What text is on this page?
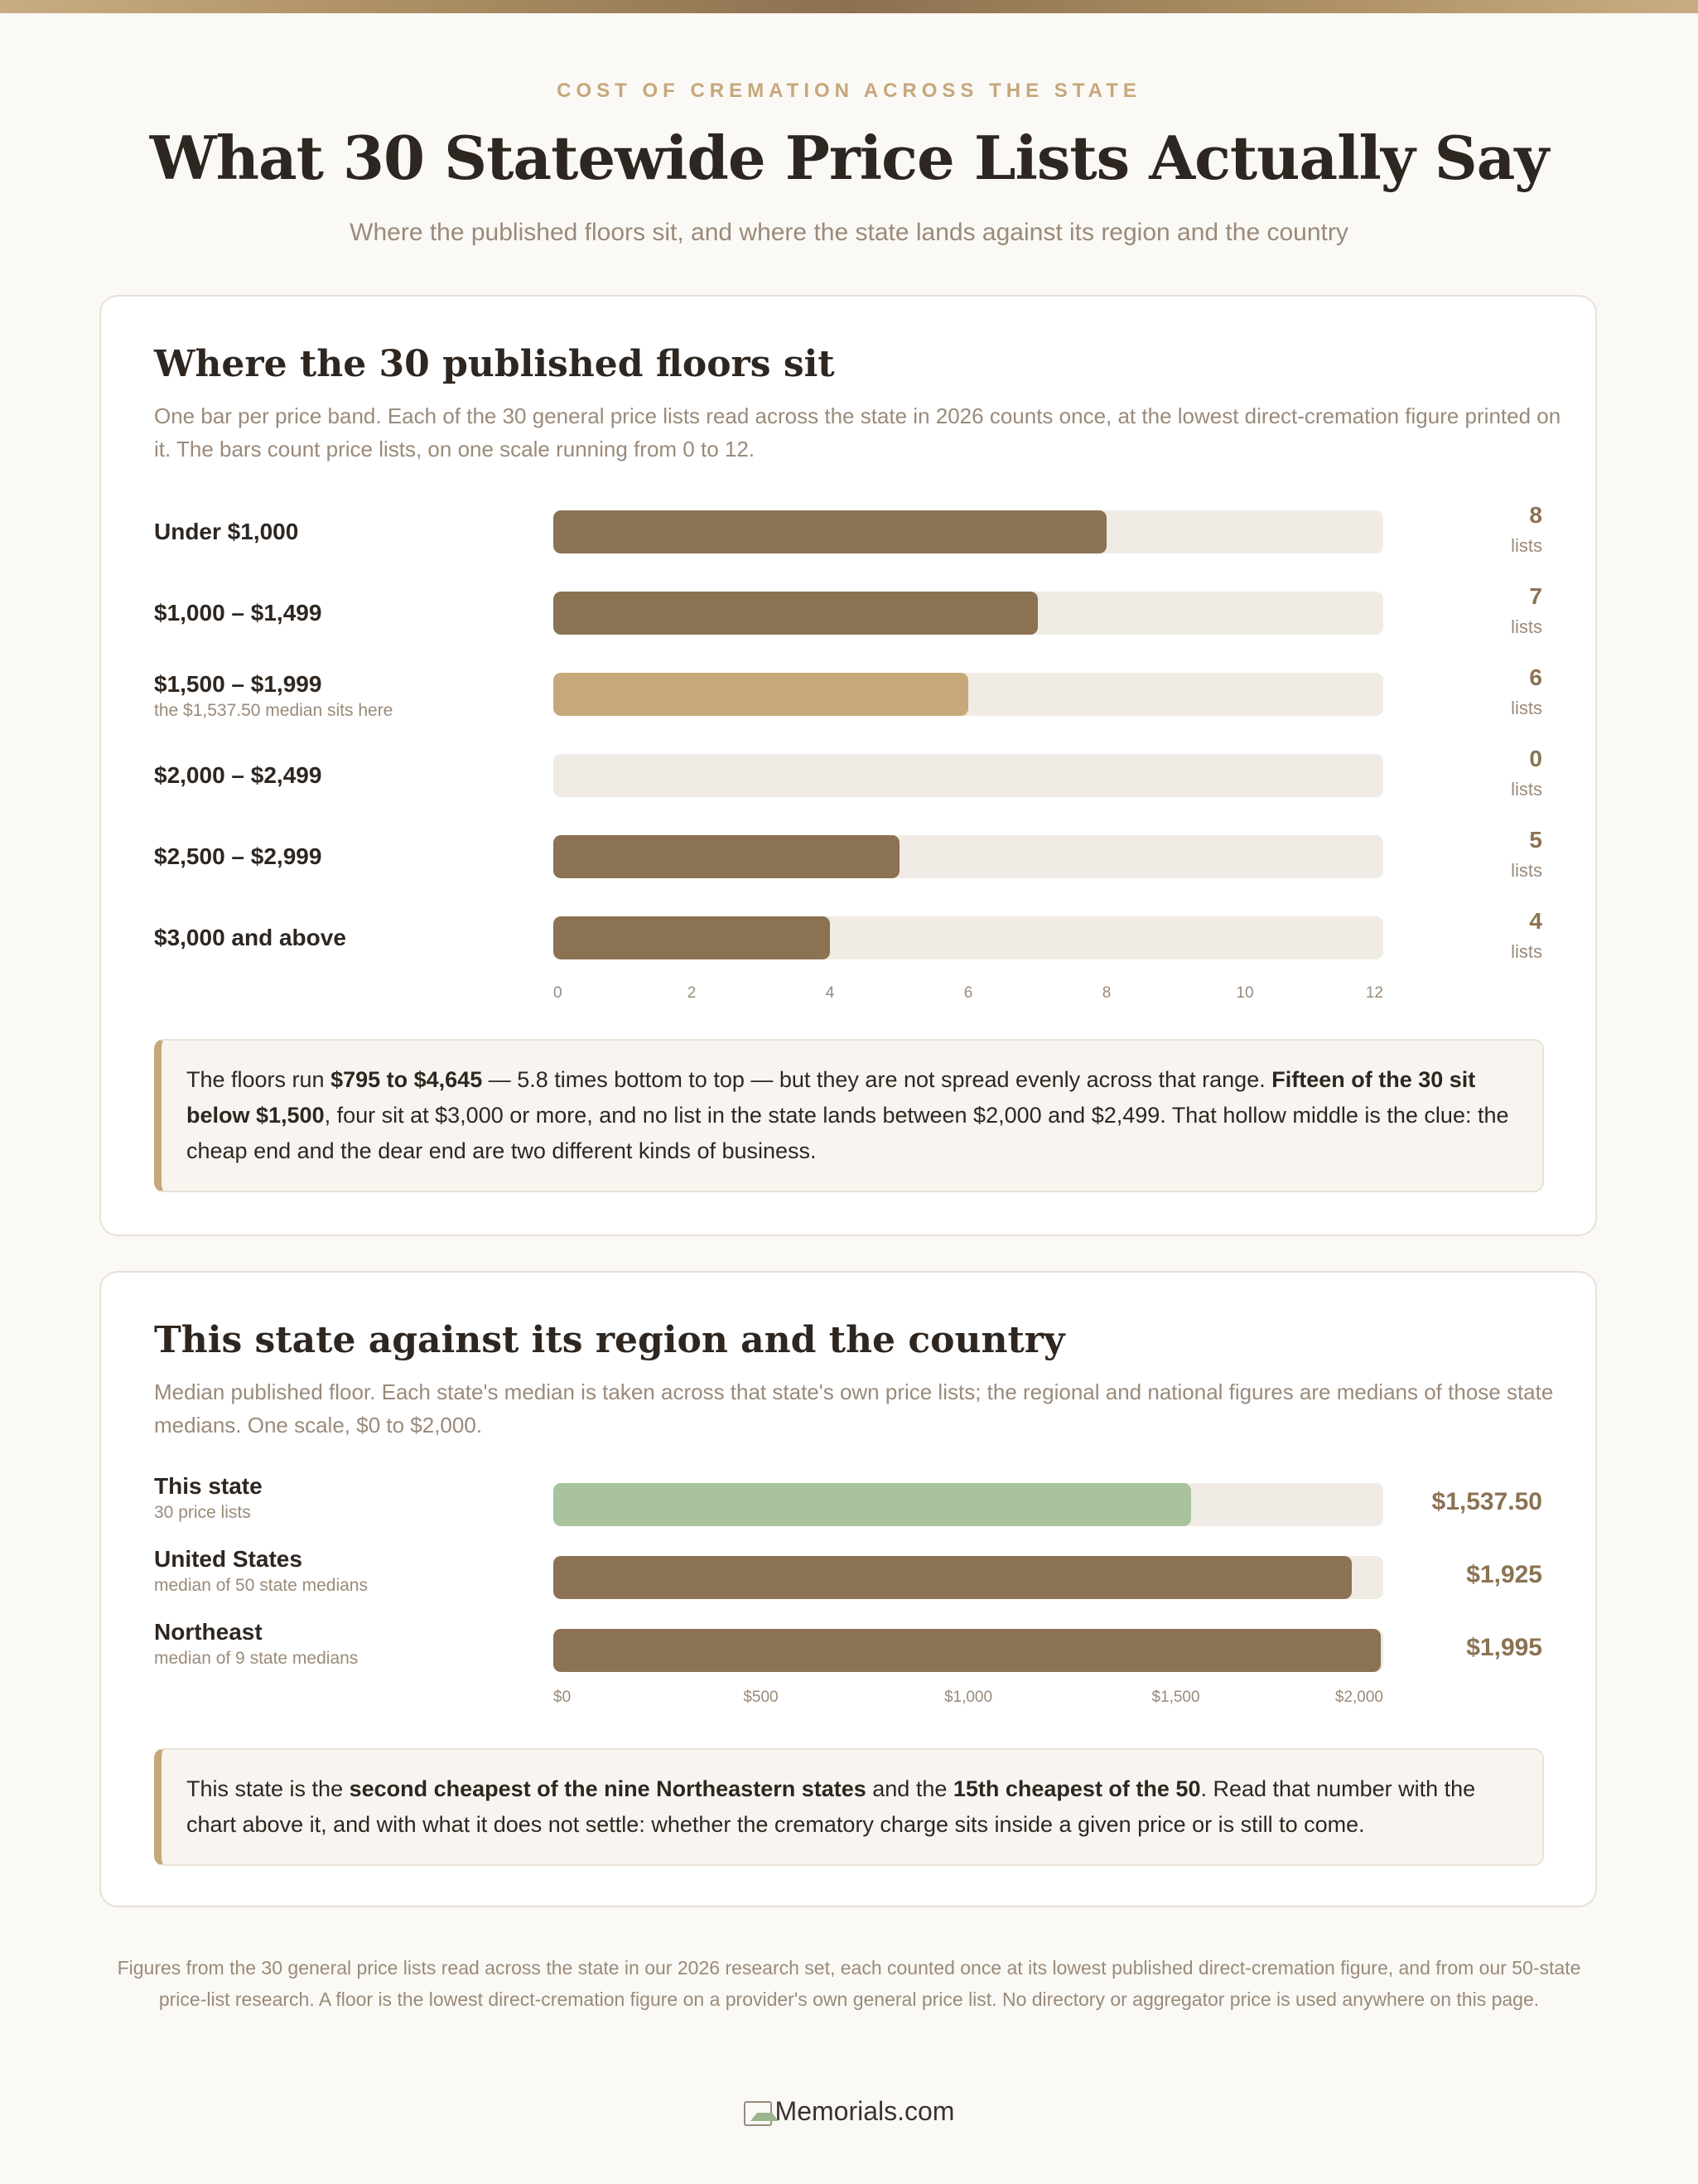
COST OF CREMATION ACROSS THE STATE
What 30 Statewide Price Lists Actually Say
Where the published floors sit, and where the state lands against its region and the country
Where the 30 published floors sit
One bar per price band. Each of the 30 general price lists read across the state in 2026 counts once, at the lowest direct-cremation figure printed on it. The bars count price lists, on one scale running from 0 to 12.
Under $1,000
8
lists
$1,000 – $1,499
7
lists
$1,500 – $1,999
the $1,537.50 median sits here
6
lists
$2,000 – $2,499
0
lists
$2,500 – $2,999
5
lists
$3,000 and above
4
lists
0	2	4	6	8	10	12
The floors run $795 to $4,645 — 5.8 times bottom to top — but they are not spread evenly across that range. Fifteen of the 30 sit below $1,500, four sit at $3,000 or more, and no list in the state lands between $2,000 and $2,499. That hollow middle is the clue: the cheap end and the dear end are two different kinds of business.
This state against its region and the country
Median published floor. Each state's median is taken across that state's own price lists; the regional and national figures are medians of those state medians. One scale, $0 to $2,000.
This state
30 price lists	$1,537.50
United States
median of 50 state medians	$1,925
Northeast
median of 9 state medians	$1,995
$0	$500	$1,000	$1,500	$2,000
This state is the second cheapest of the nine Northeastern states and the 15th cheapest of the 50. Read that number with the chart above it, and with what it does not settle: whether the crematory charge sits inside a given price or is still to come.
Figures from the 30 general price lists read across the state in our 2026 research set, each counted once at its lowest published direct-cremation figure, and from our 50-state price-list research. A floor is the lowest direct-cremation figure on a provider's own general price list. No directory or aggregator price is used anywhere on this page.
Memorials.com
